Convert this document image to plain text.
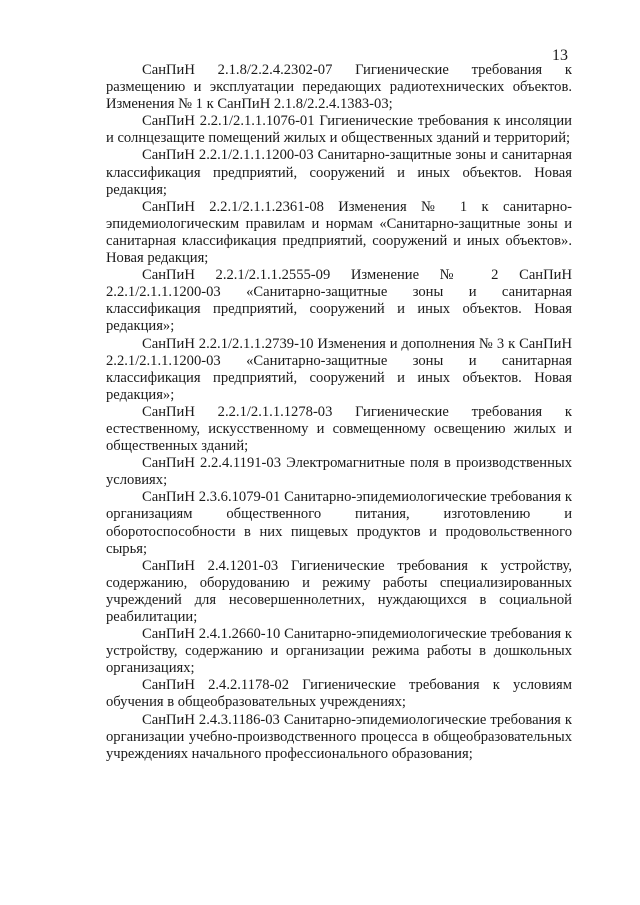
13

СанПиН 2.1.8/2.2.4.2302-07 Гигиенические требования к размещению и эксплуатации передающих радиотехнических объектов. Изменения № 1 к СанПиН 2.1.8/2.2.4.1383-03;

СанПиН 2.2.1/2.1.1.1076-01 Гигиенические требования к инсоляции и солнцезащите помещений жилых и общественных зданий и территорий;

СанПиН 2.2.1/2.1.1.1200-03 Санитарно-защитные зоны и санитарная классификация предприятий, сооружений и иных объектов. Новая редакция;

СанПиН 2.2.1/2.1.1.2361-08 Изменения № 1 к санитарно-эпидемиологическим правилам и нормам «Санитарно-защитные зоны и санитарная классификация предприятий, сооружений и иных объектов». Новая редакция;

СанПиН 2.2.1/2.1.1.2555-09 Изменение № 2 СанПиН 2.2.1/2.1.1.1200-03 «Санитарно-защитные зоны и санитарная классификация предприятий, сооружений и иных объектов. Новая редакция»;

СанПиН 2.2.1/2.1.1.2739-10 Изменения и дополнения № 3 к СанПиН 2.2.1/2.1.1.1200-03 «Санитарно-защитные зоны и санитарная классификация предприятий, сооружений и иных объектов. Новая редакция»;

СанПиН 2.2.1/2.1.1.1278-03 Гигиенические требования к естественному, искусственному и совмещенному освещению жилых и общественных зданий;

СанПиН 2.2.4.1191-03 Электромагнитные поля в производственных условиях;

СанПиН 2.3.6.1079-01 Санитарно-эпидемиологические требования к организациям общественного питания, изготовлению и оборотоспособности в них пищевых продуктов и продовольственного сырья;

СанПиН 2.4.1201-03 Гигиенические требования к устройству, содержанию, оборудованию и режиму работы специализированных учреждений для несовершеннолетних, нуждающихся в социальной реабилитации;

СанПиН 2.4.1.2660-10 Санитарно-эпидемиологические требования к устройству, содержанию и организации режима работы в дошкольных организациях;

СанПиН 2.4.2.1178-02 Гигиенические требования к условиям обучения в общеобразовательных учреждениях;

СанПиН 2.4.3.1186-03 Санитарно-эпидемиологические требования к организации учебно-производственного процесса в общеобразовательных учреждениях начального профессионального образования;
